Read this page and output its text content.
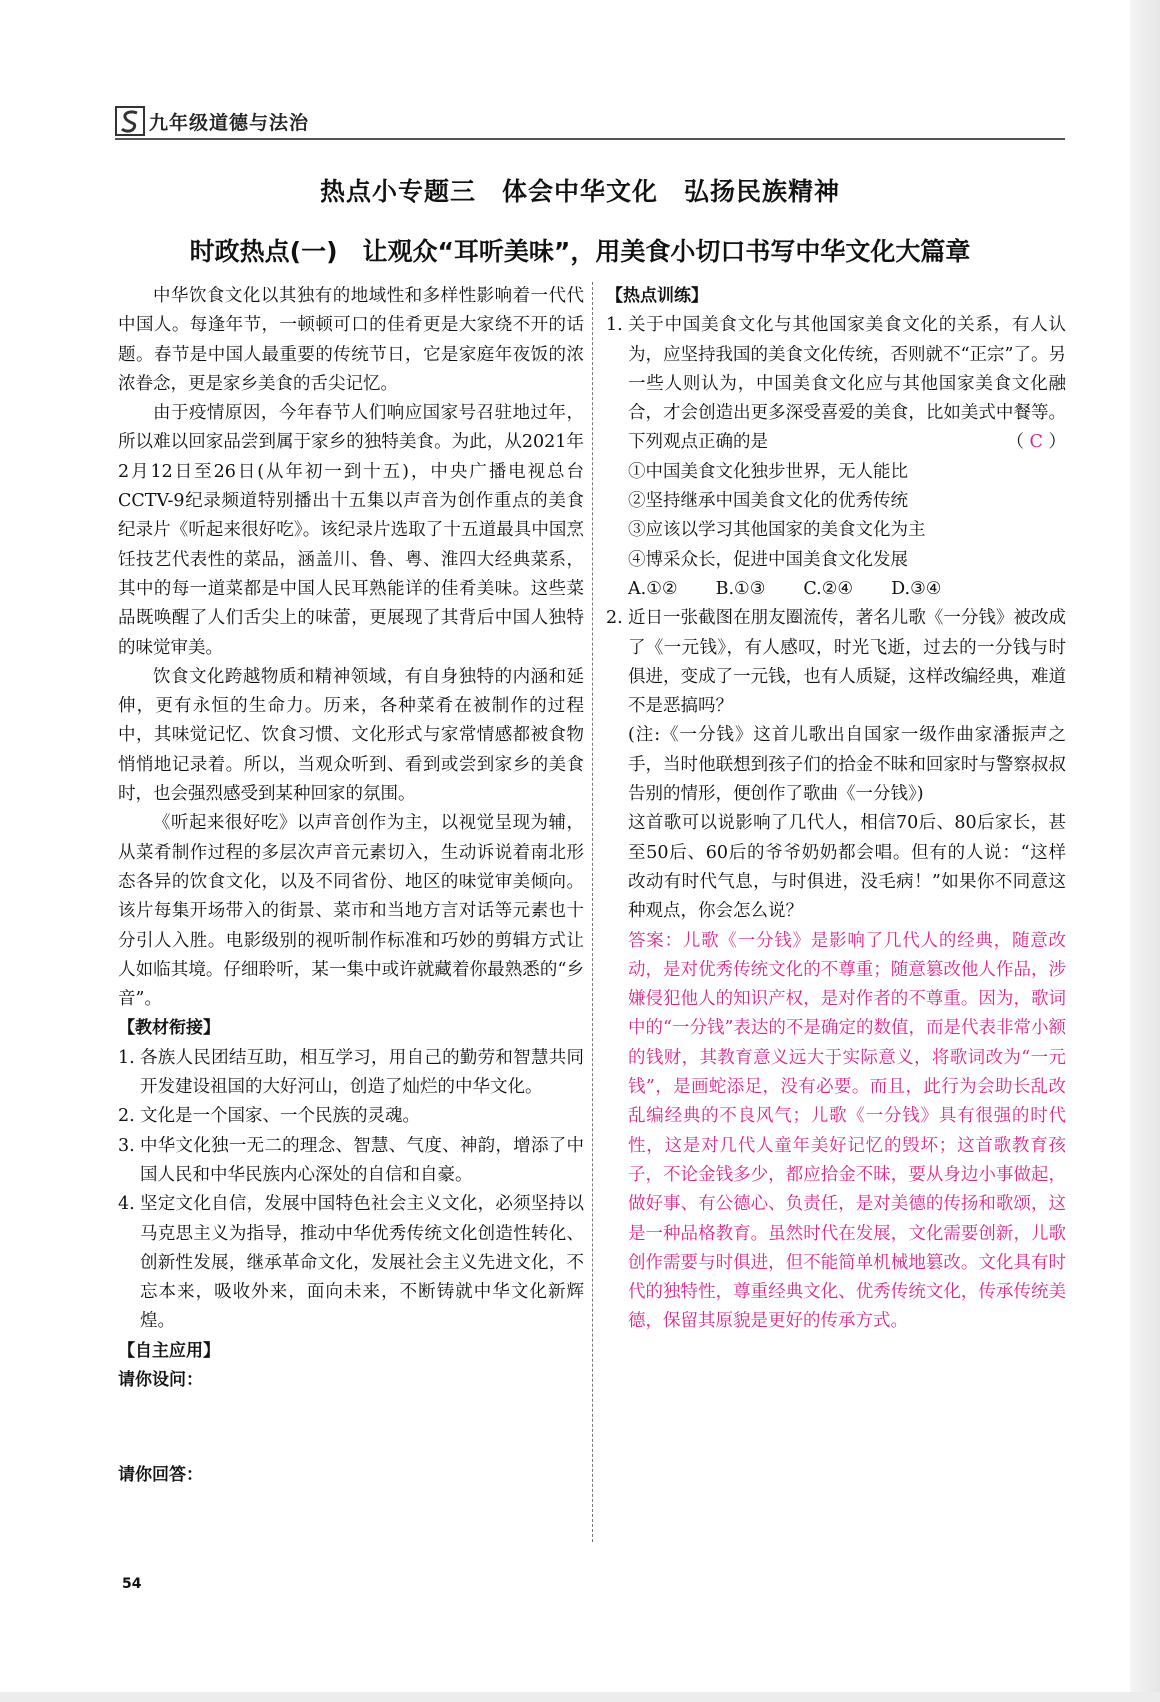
九年级道德与法治
热点小专题三　体会中华文化　弘扬民族精神
时政热点(一)　让观众“耳听美味”，用美食小切口书写中华文化大篇章

中华饮食文化以其独有的地域性和多样性影响着一代代中国人。每逢年节，一顿顿可口的佳肴更是大家绕不开的话题。春节是中国人最重要的传统节日，它是家庭年夜饭的浓浓眷念，更是家乡美食的舌尖记忆。

由于疫情原因，今年春节人们响应国家号召驻地过年，所以难以回家品尝到属于家乡的独特美食。为此，从2021年2月12日至26日(从年初一到十五)，中央广播电视总台CCTV-9纪录频道特别播出十五集以声音为创作重点的美食纪录片《听起来很好吃》。该纪录片选取了十五道最具中国烹饪技艺代表性的菜品，涵盖川、鲁、粤、淮四大经典菜系，其中的每一道菜都是中国人民耳熟能详的佳肴美味。这些菜品既唤醒了人们舌尖上的味蕾，更展现了其背后中国人独特的味觉审美。

饮食文化跨越物质和精神领域，有自身独特的内涵和延伸，更有永恒的生命力。历来，各种菜肴在被制作的过程中，其味觉记忆、饮食习惯、文化形式与家常情感都被食物悄悄地记录着。所以，当观众听到、看到或尝到家乡的美食时，也会强烈感受到某种回家的氛围。

《听起来很好吃》以声音创作为主，以视觉呈现为辅，从菜肴制作过程的多层次声音元素切入，生动诉说着南北形态各异的饮食文化，以及不同省份、地区的味觉审美倾向。该片每集开场带入的街景、菜市和当地方言对话等元素也十分引人入胜。电影级别的视听制作标准和巧妙的剪辑方式让人如临其境。仔细聆听，某一集中或许就藏着你最熟悉的“乡音”。

【教材衔接】

1. 各族人民团结互助，相互学习，用自己的勤劳和智慧共同开发建设祖国的大好河山，创造了灿烂的中华文化。
2. 文化是一个国家、一个民族的灵魂。
3. 中华文化独一无二的理念、智慧、气度、神韵，增添了中国人民和中华民族内心深处的自信和自豪。
4. 坚定文化自信，发展中国特色社会主义文化，必须坚持以马克思主义为指导，推动中华优秀传统文化创造性转化、创新性发展，继承革命文化，发展社会主义先进文化，不忘本来，吸收外来，面向未来，不断铸就中华文化新辉煌。

【自主应用】

请你设问：

请你回答：

【热点训练】

1. 关于中国美食文化与其他国家美食文化的关系，有人认为，应坚持我国的美食文化传统，否则就不“正宗”了。另一些人则认为，中国美食文化应与其他国家美食文化融合，才会创造出更多深受喜爱的美食，比如美式中餐等。下列观点正确的是	（ C ）

①中国美食文化独步世界，无人能比

②坚持继承中国美食文化的优秀传统

③应该以学习其他国家的美食文化为主

④博采众长，促进中国美食文化发展

A.①② B.①③ C.②④ D.③④
2. 近日一张截图在朋友圈流传，著名儿歌《一分钱》被改成了《一元钱》，有人感叹，时光飞逝，过去的一分钱与时俱进，变成了一元钱，也有人质疑，这样改编经典，难道不是恶搞吗？

(注:《一分钱》这首儿歌出自国家一级作曲家潘振声之手，当时他联想到孩子们的拾金不昧和回家时与警察叔叔告别的情形，便创作了歌曲《一分钱》)

这首歌可以说影响了几代人，相信70后、80后家长，甚至50后、60后的爷爷奶奶都会唱。但有的人说：“这样改动有时代气息，与时俱进，没毛病！”如果你不同意这种观点，你会怎么说？

答案：儿歌《一分钱》是影响了几代人的经典，随意改动，是对优秀传统文化的不尊重；随意篡改他人作品，涉嫌侵犯他人的知识产权，是对作者的不尊重。因为，歌词中的“一分钱”表达的不是确定的数值，而是代表非常小额的钱财，其教育意义远大于实际意义，将歌词改为“一元钱”，是画蛇添足，没有必要。而且，此行为会助长乱改乱编经典的不良风气；儿歌《一分钱》具有很强的时代性，这是对几代人童年美好记忆的毁坏；这首歌教育孩子，不论金钱多少，都应拾金不昧，要从身边小事做起，做好事、有公德心、负责任，是对美德的传扬和歌颂，这是一种品格教育。虽然时代在发展，文化需要创新，儿歌创作需要与时俱进，但不能简单机械地篡改。文化具有时代的独特性，尊重经典文化、优秀传统文化，传承传统美德，保留其原貌是更好的传承方式。

54
